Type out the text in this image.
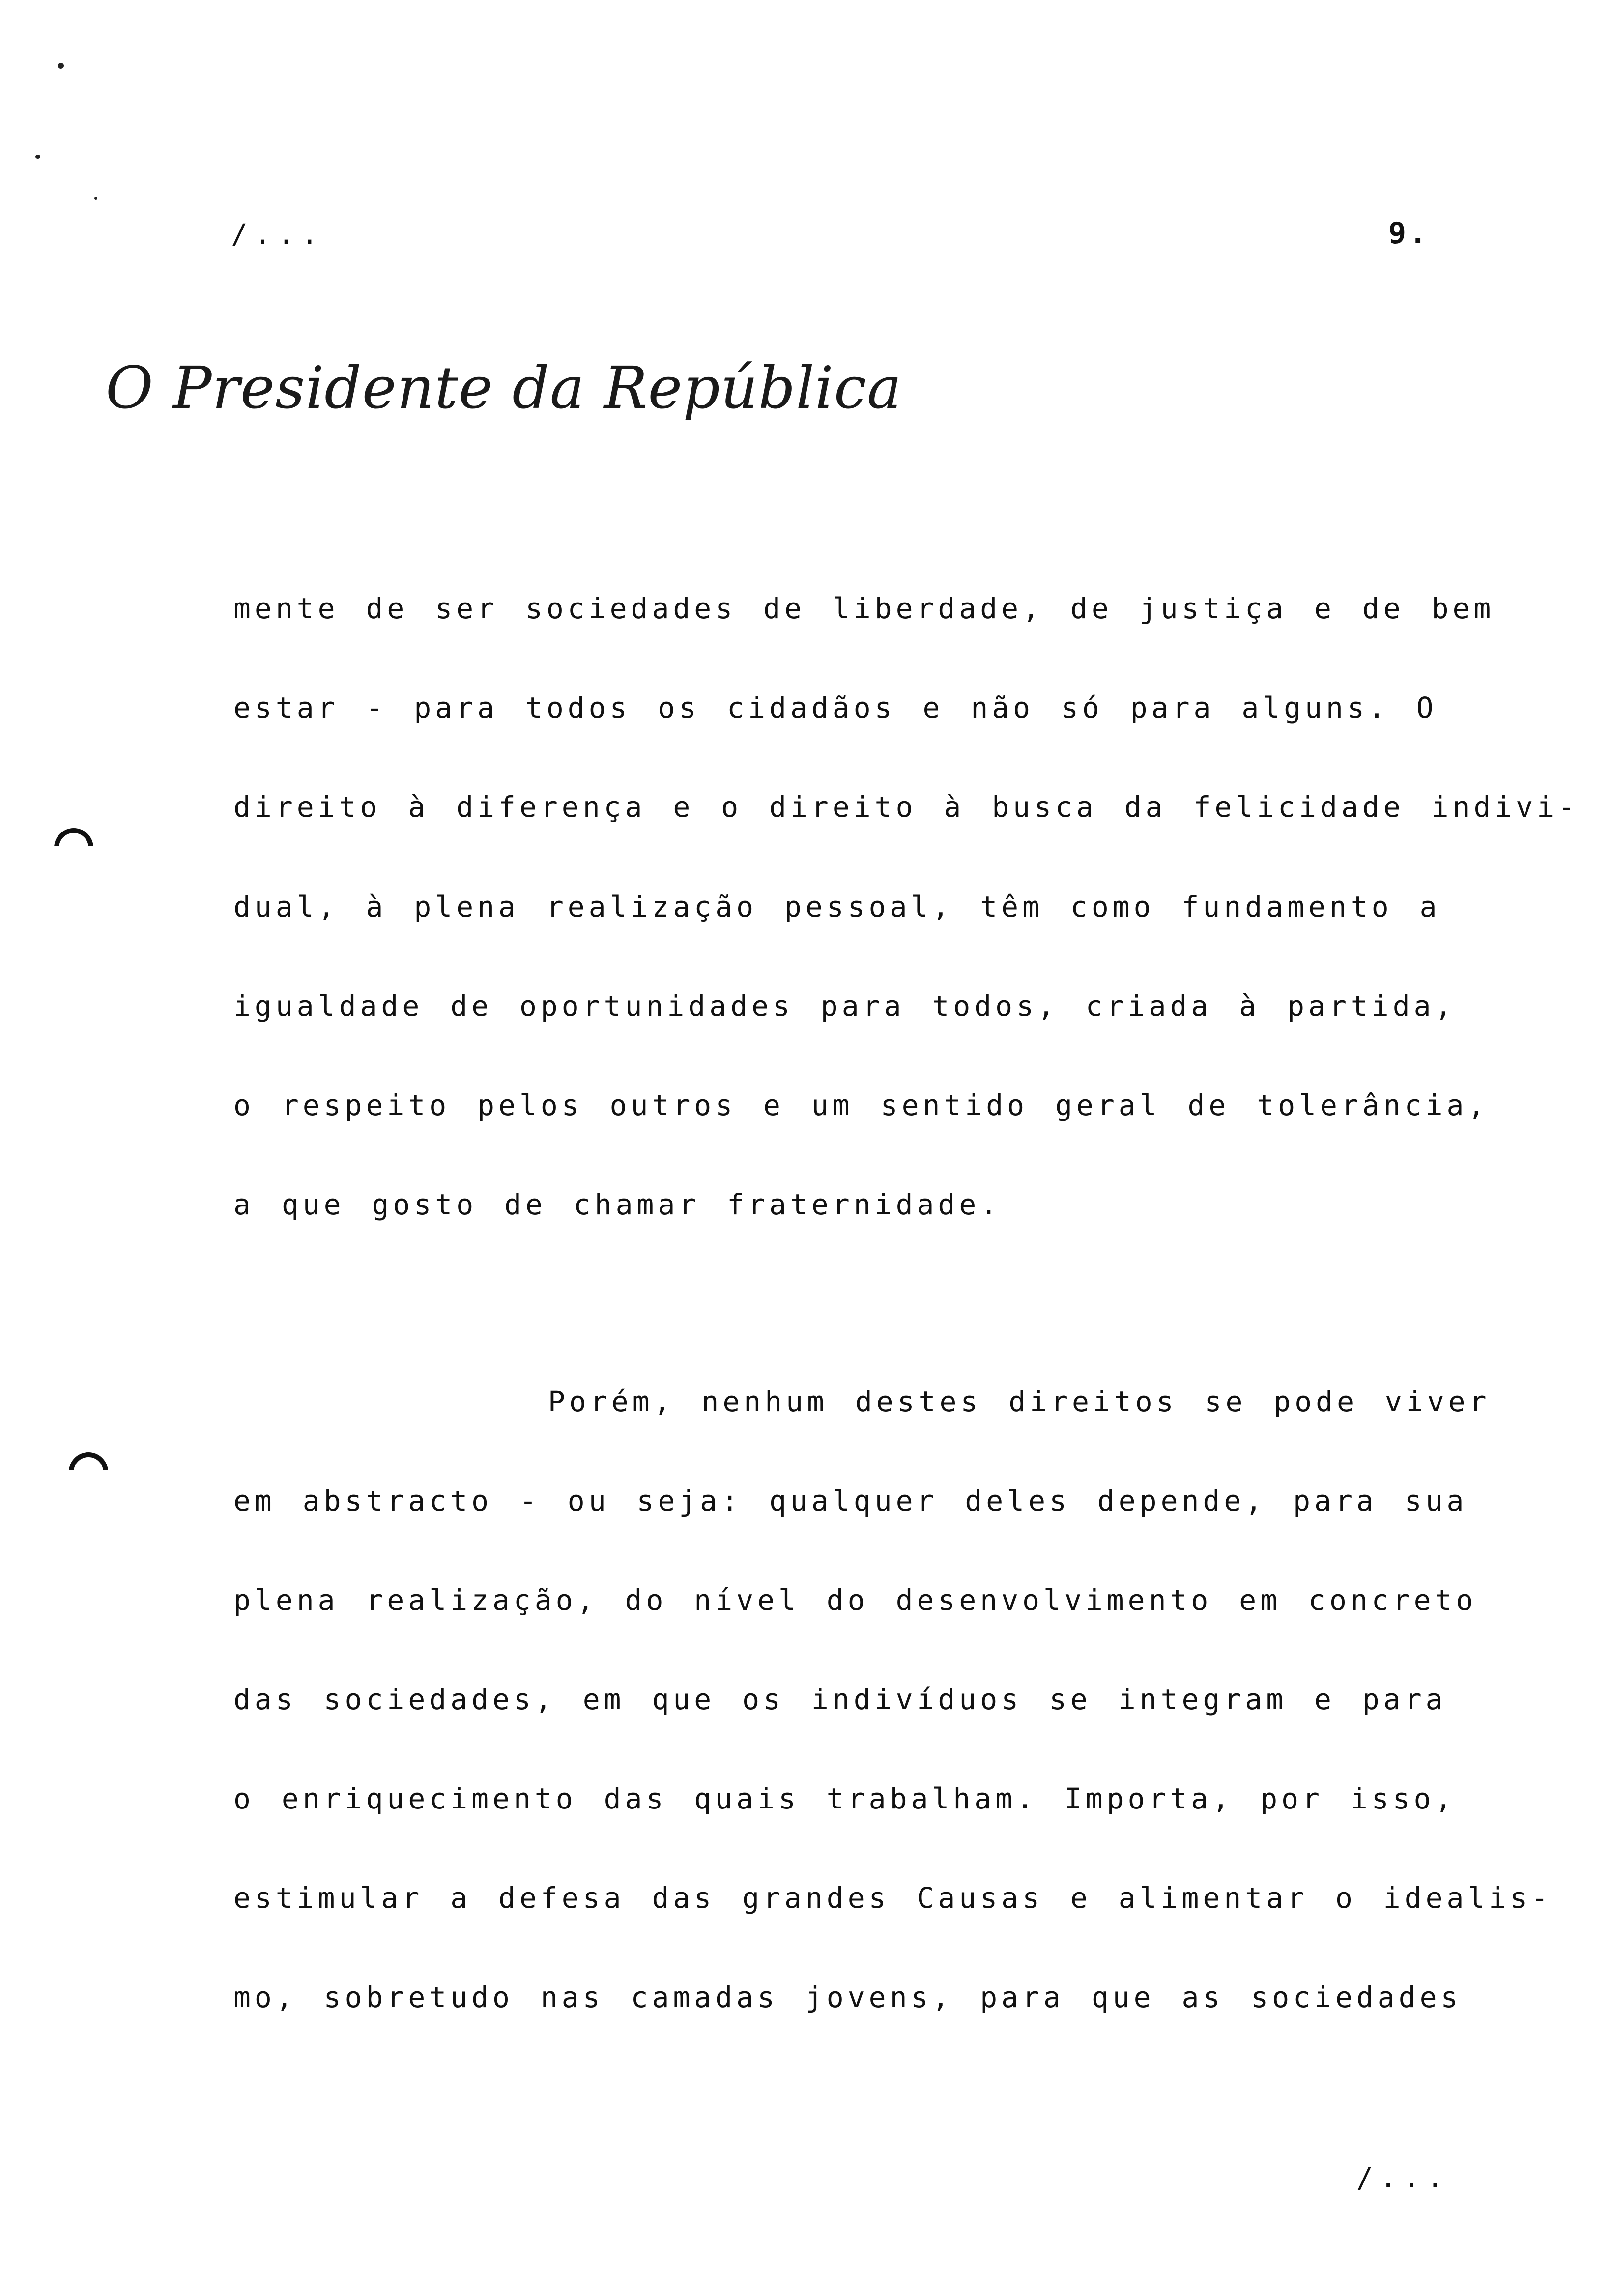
/...	9.
O Presidente da República
mente de ser sociedades de liberdade, de justiça e de bem
estar - para todos os cidadãos e não só para alguns. O
direito à diferença e o direito à busca da felicidade indivi-
dual, à plena realização pessoal, têm como fundamento a
igualdade de oportunidades para todos, criada à partida,
o respeito pelos outros e um sentido geral de tolerância,
a que gosto de chamar fraternidade.
Porém, nenhum destes direitos se pode viver
em abstracto - ou seja: qualquer deles depende, para sua
plena realização, do nível do desenvolvimento em concreto
das sociedades, em que os indivíduos se integram e para
o enriquecimento das quais trabalham. Importa, por isso,
estimular a defesa das grandes Causas e alimentar o idealis-
mo, sobretudo nas camadas jovens, para que as sociedades
/...
